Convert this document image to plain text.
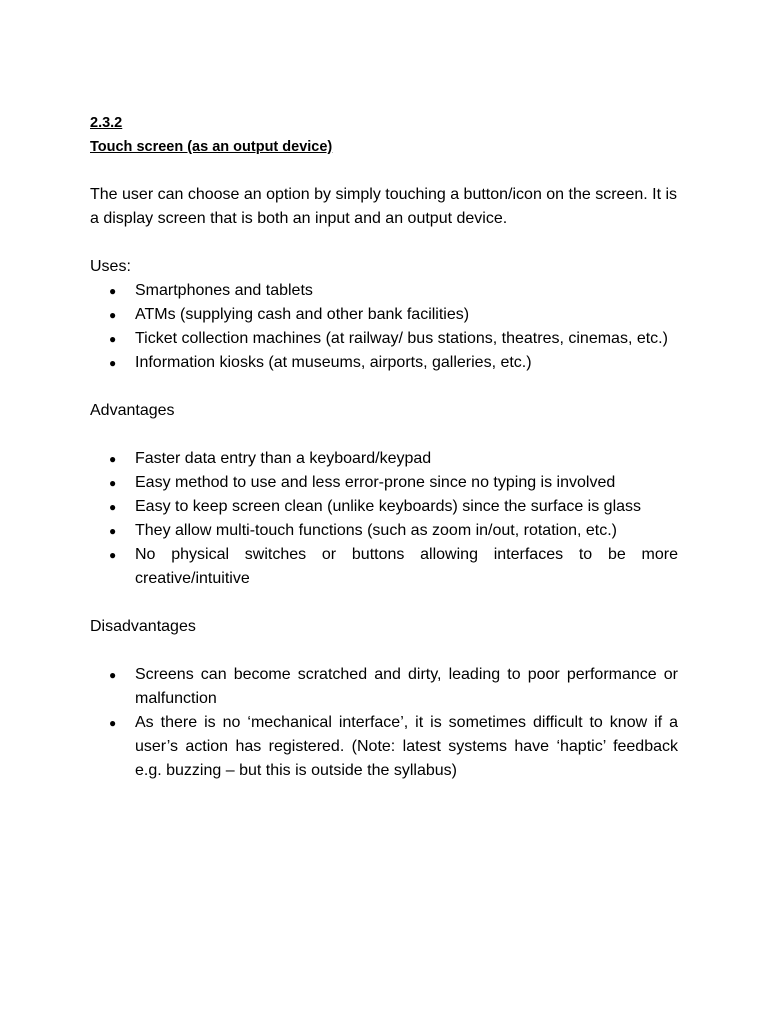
2.3.2
Touch screen (as an output device)

The user can choose an option by simply touching a button/icon on the screen. It is a display screen that is both an input and an output device.

Uses:
● Smartphones and tablets
● ATMs (supplying cash and other bank facilities)
● Ticket collection machines (at railway/ bus stations, theatres, cinemas, etc.)
● Information kiosks (at museums, airports, galleries, etc.)
Advantages
● Faster data entry than a keyboard/keypad
● Easy method to use and less error-prone since no typing is involved
● Easy to keep screen clean (unlike keyboards) since the surface is glass
● They allow multi-touch functions (such as zoom in/out, rotation, etc.)
● No physical switches or buttons allowing interfaces to be more creative/intuitive
Disadvantages
● Screens can become scratched and dirty, leading to poor performance or malfunction
● As there is no ‘mechanical interface’, it is sometimes difficult to know if a user’s action has registered. (Note: latest systems have ‘haptic’ feedback e.g. buzzing – but this is outside the syllabus)
